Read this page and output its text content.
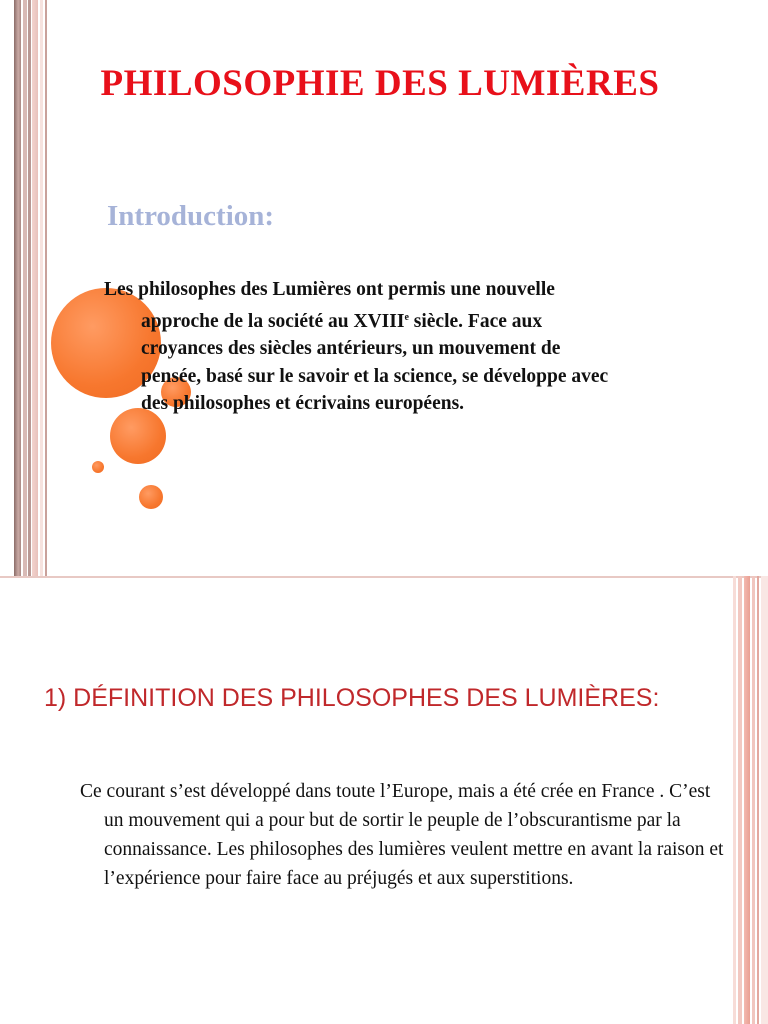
PHILOSOPHIE DES LUMIÈRES
Introduction:

Les philosophes des Lumières ont permis une nouvelle approche de la société au XVIIIe siècle. Face aux croyances des siècles antérieurs, un mouvement de pensée, basé sur le savoir et la science, se développe avec des philosophes et écrivains européens.

1) DÉFINITION DES PHILOSOPHES DES LUMIÈRES:

Ce courant s’est développé dans toute l’Europe, mais a été crée en France . C’est un mouvement qui a pour but de sortir le peuple de l’obscurantisme par la connaissance. Les philosophes des lumières veulent mettre en avant la raison et l’expérience pour faire face au préjugés et aux superstitions.
